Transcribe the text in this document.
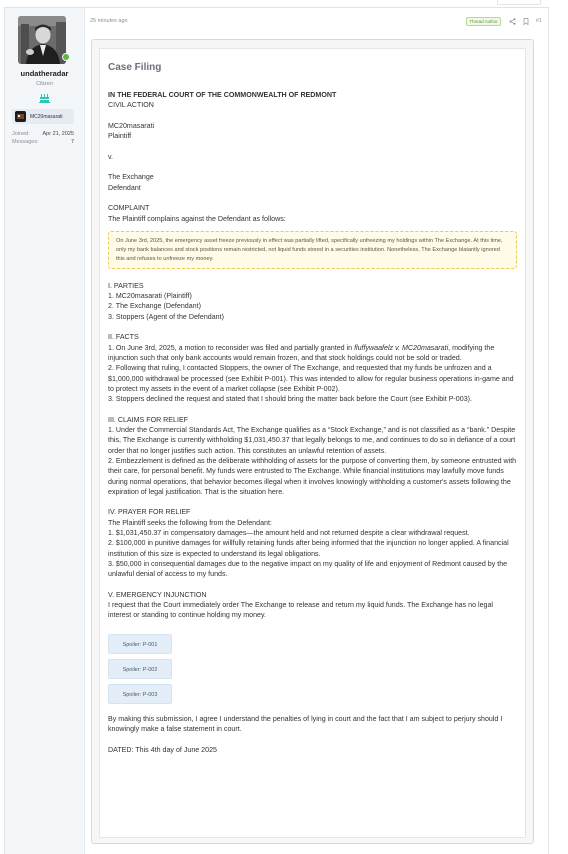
undatheradar
Citizen
MC20masarati
Joined: Apr 21, 2025
Messages:	7
25 minutes ago	Thread Author	#1
Case Filing

IN THE FEDERAL COURT OF THE COMMONWEALTH OF REDMONT

CIVIL ACTION

MC20masarati

Plaintiff

v.

The Exchange

Defendant

COMPLAINT

The Plaintiff complains against the Defendant as follows:

On June 3rd, 2025, the emergency asset freeze previously in effect was partially lifted, specifically unfreezing my holdings within The Exchange. At this time, only my bank balances and stock positions remain restricted, not liquid funds stored in a securities institution. Nonetheless, The Exchange blatantly ignored this and refuses to unfreeze my money.

I. PARTIES

1. MC20masarati (Plaintiff)

2. The Exchange (Defendant)

3. Stoppers (Agent of the Defendant)

II. FACTS

1. On June 3rd, 2025, a motion to reconsider was filed and partially granted in fluffywaafelz v. MC20masarati, modifying the injunction such that only bank accounts would remain frozen, and that stock holdings could not be sold or traded.

2. Following that ruling, I contacted Stoppers, the owner of The Exchange, and requested that my funds be unfrozen and a $1,000,000 withdrawal be processed (see Exhibit P-001). This was intended to allow for regular business operations in-game and to protect my assets in the event of a market collapse (see Exhibit P-002).

3. Stoppers declined the request and stated that I should bring the matter back before the Court (see Exhibit P-003).

III. CLAIMS FOR RELIEF

1. Under the Commercial Standards Act, The Exchange qualifies as a “Stock Exchange,” and is not classified as a “bank.” Despite this, The Exchange is currently withholding $1,031,450.37 that legally belongs to me, and continues to do so in defiance of a court order that no longer justifies such action. This constitutes an unlawful retention of assets.

2. Embezzlement is defined as the deliberate withholding of assets for the purpose of converting them, by someone entrusted with their care, for personal benefit. My funds were entrusted to The Exchange. While financial institutions may lawfully move funds during normal operations, that behavior becomes illegal when it involves knowingly withholding a customer's assets following the expiration of legal justification. That is the situation here.

IV. PRAYER FOR RELIEF

The Plaintiff seeks the following from the Defendant:

1. $1,031,450.37 in compensatory damages—the amount held and not returned despite a clear withdrawal request.

2. $100,000 in punitive damages for willfully retaining funds after being informed that the injunction no longer applied. A financial institution of this size is expected to understand its legal obligations.

3. $50,000 in consequential damages due to the negative impact on my quality of life and enjoyment of Redmont caused by the unlawful denial of access to my funds.

V. EMERGENCY INJUNCTION

I request that the Court immediately order The Exchange to release and return my liquid funds. The Exchange has no legal interest or standing to continue holding my money.

Spoiler: P-001
Spoiler: P-002
Spoiler: P-003

By making this submission, I agree I understand the penalties of lying in court and the fact that I am subject to perjury should I knowingly make a false statement in court.

DATED: This 4th day of June 2025
